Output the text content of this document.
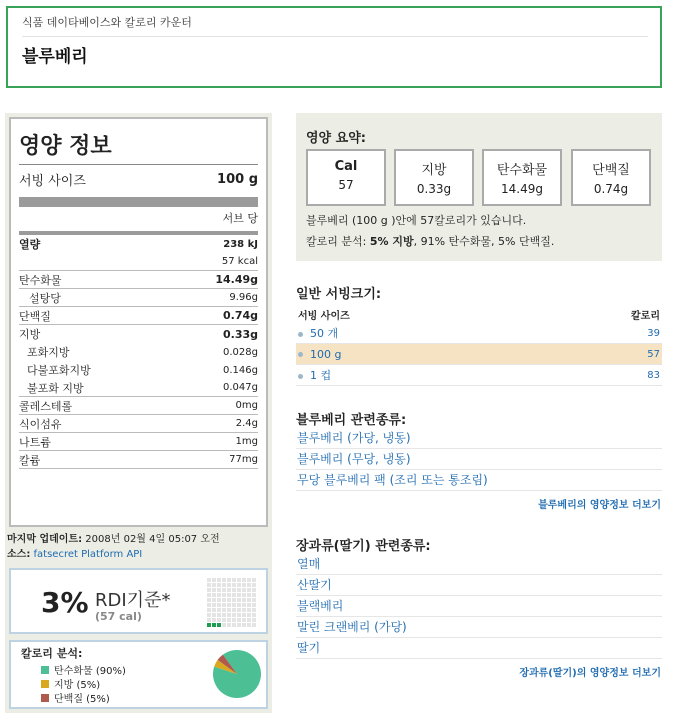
식품 데이타베이스와 칼로리 카운터
블루베리
영양 정보
서빙 사이즈	100 g
서브 당
열량	238 kJ
57 kcal
탄수화물	14.49g
설탕당	9.96g
단백질	0.74g
지방	0.33g
포화지방	0.028g
다불포화지방	0.146g
불포화 지방	0.047g
콜레스테롤	0mg
식이섬유	2.4g
나트륨	1mg
칼륨	77mg
마지막 업데이트: 2008년 02월 4일 05:07 오전
소스: fatsecret Platform API
3% RDI기준*
(57 cal)
칼로리 분석:
탄수화물 (90%)
지방 (5%)
단백질 (5%)
영양 요약:
Cal
57
지방
0.33g
탄수화물
14.49g
단백질
0.74g
블루베리 (100 g )안에 57칼로리가 있습니다.
칼로리 분석: 5% 지방, 91% 탄수화물, 5% 단백질.
일반 서빙크기:
서빙 사이즈	칼로리
50 개	39
100 g	57
1 컵	83
블루베리 관련종류:
블루베리 (가당, 냉동)
블루베리 (무당, 냉동)
무당 블루베리 팩 (조리 또는 통조림)
블루베리의 영양정보 더보기
장과류(딸기) 관련종류:
열매
산딸기
블랙베리
말린 크랜베리 (가당)
딸기
장과류(딸기)의 영양정보 더보기
